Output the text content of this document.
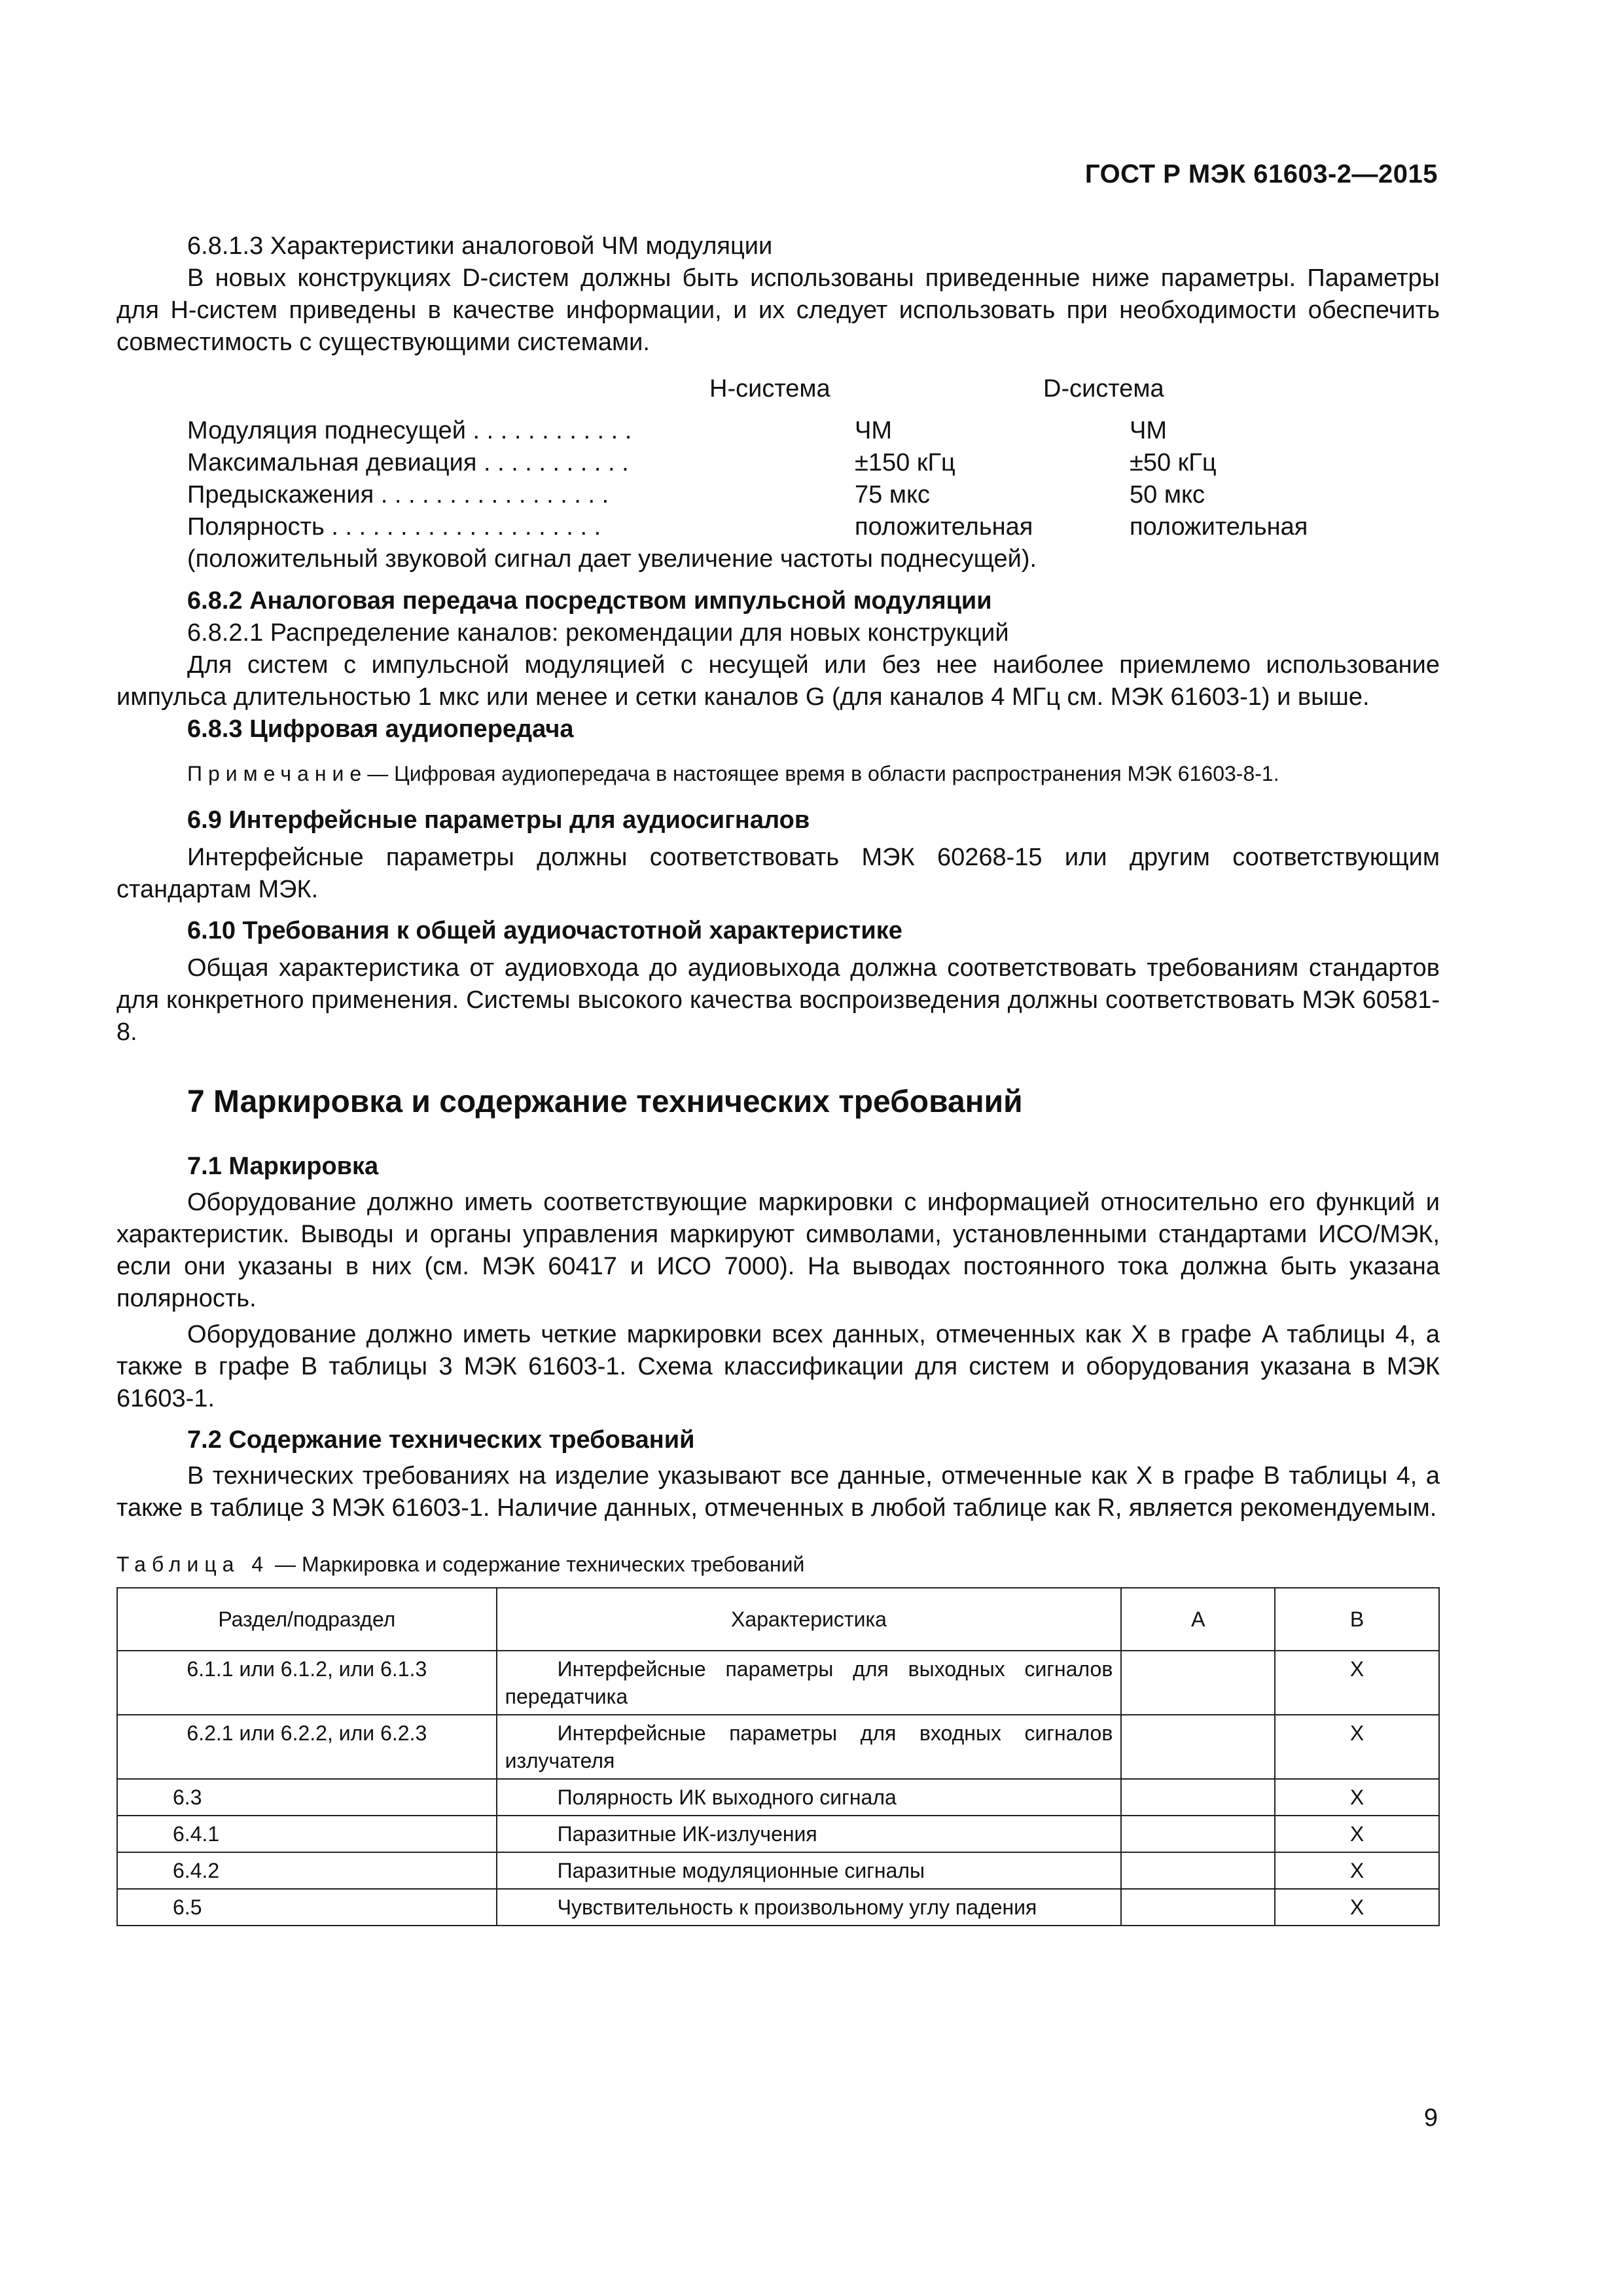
ГОСТ Р МЭК 61603-2—2015

6.8.1.3 Характеристики аналоговой ЧМ модуляции

В новых конструкциях D-систем должны быть использованы приведенные ниже параметры. Параметры для H-систем приведены в качестве информации, и их следует использовать при необходимости обеспечить совместимость с существующими системами.

Н-система	D-система
Модуляция поднесущей . . . . . . . . . . . .	ЧМ	ЧМ
Максимальная девиация . . . . . . . . . . .	±150 кГц	±50 кГц
Предыскажения . . . . . . . . . . . . . . . . .	75 мкс	50 мкс
Полярность . . . . . . . . . . . . . . . . . . . .	положительная	положительная
(положительный звуковой сигнал дает увеличение частоты поднесущей).

6.8.2 Аналоговая передача посредством импульсной модуляции

6.8.2.1 Распределение каналов: рекомендации для новых конструкций

Для систем с импульсной модуляцией с несущей или без нее наиболее приемлемо использование импульса длительностью 1 мкс или менее и сетки каналов G (для каналов 4 МГц см. МЭК 61603-1) и выше.

6.8.3 Цифровая аудиопередача

Примечание— Цифровая аудиопередача в настоящее время в области распространения МЭК 61603-8-1.

6.9 Интерфейсные параметры для аудиосигналов

Интерфейсные параметры должны соответствовать МЭК 60268-15 или другим соответствующим стандартам МЭК.

6.10 Требования к общей аудиочастотной характеристике

Общая характеристика от аудиовхода до аудиовыхода должна соответствовать требованиям стандартов для конкретного применения. Системы высокого качества воспроизведения должны соответствовать МЭК 60581-8.

7 Маркировка и содержание технических требований

7.1 Маркировка

Оборудование должно иметь соответствующие маркировки с информацией относительно его функций и характеристик. Выводы и органы управления маркируют символами, установленными стандартами ИСО/МЭК, если они указаны в них (см. МЭК 60417 и ИСО 7000). На выводах постоянного тока должна быть указана полярность.

Оборудование должно иметь четкие маркировки всех данных, отмеченных как X в графе A таблицы 4, а также в графе B таблицы 3 МЭК 61603-1. Схема классификации для систем и оборудования указана в МЭК 61603-1.

7.2 Содержание технических требований

В технических требованиях на изделие указывают все данные, отмеченные как X в графе B таблицы 4, а также в таблице 3 МЭК 61603-1. Наличие данных, отмеченных в любой таблице как R, является рекомендуемым.

Таблица 4 — Маркировка и содержание технических требований

Раздел/подраздел	Характеристика	A	B
6.1.1 или 6.1.2, или 6.1.3	Интерфейсные параметры для выходных сигналов передатчика		X
6.2.1 или 6.2.2, или 6.2.3	Интерфейсные параметры для входных сигналов излучателя		X
6.3	Полярность ИК выходного сигнала		X
6.4.1	Паразитные ИК-излучения		X
6.4.2	Паразитные модуляционные сигналы		X
6.5	Чувствительность к произвольному углу падения		X
9
